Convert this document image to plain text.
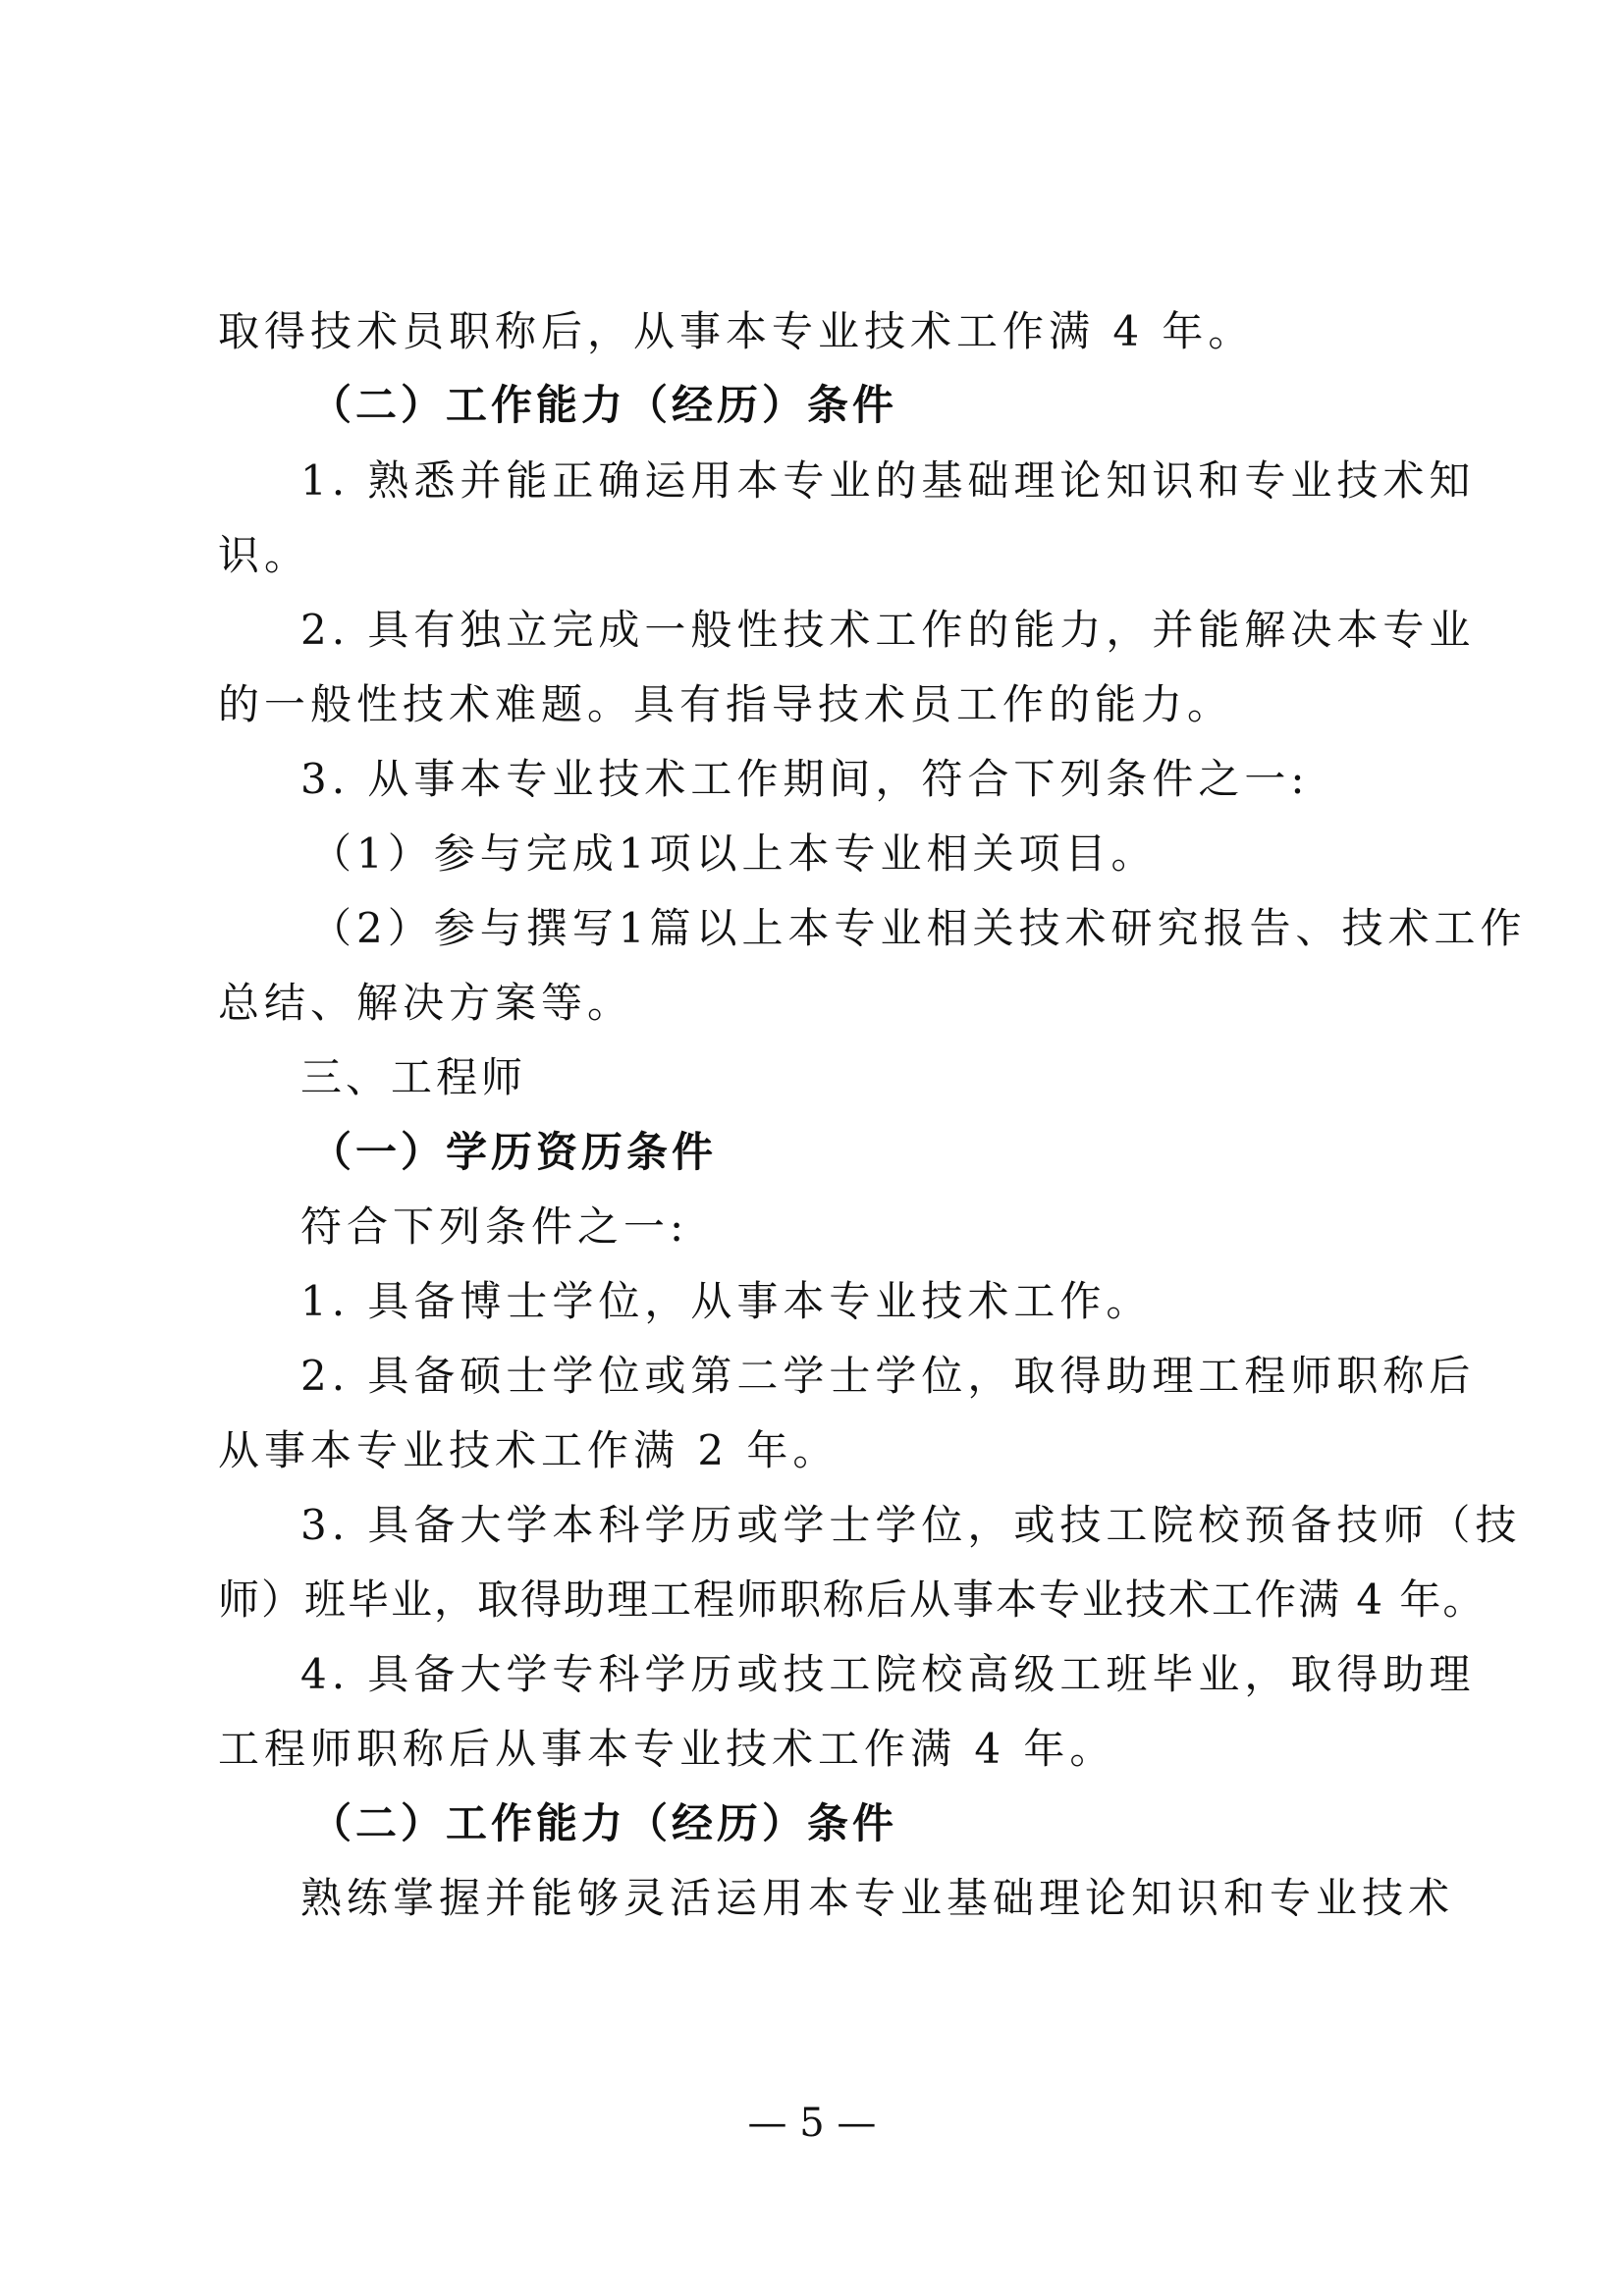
取得技术员职称后，从事本专业技术工作满 4 年。
（二）工作能力（经历）条件
1. 熟悉并能正确运用本专业的基础理论知识和专业技术知
识。
2. 具有独立完成一般性技术工作的能力，并能解决本专业
的一般性技术难题。具有指导技术员工作的能力。
3. 从事本专业技术工作期间，符合下列条件之一:
（1）参与完成1项以上本专业相关项目。
（2）参与撰写1篇以上本专业相关技术研究报告、技术工作
总结、解决方案等。
三、工程师
（一）学历资历条件
符合下列条件之一:
1. 具备博士学位，从事本专业技术工作。
2. 具备硕士学位或第二学士学位，取得助理工程师职称后
从事本专业技术工作满 2 年。
3. 具备大学本科学历或学士学位，或技工院校预备技师（技
师）班毕业，取得助理工程师职称后从事本专业技术工作满 4 年。
4. 具备大学专科学历或技工院校高级工班毕业，取得助理
工程师职称后从事本专业技术工作满 4 年。
（二）工作能力（经历）条件
熟练掌握并能够灵活运用本专业基础理论知识和专业技术
— 5 —
